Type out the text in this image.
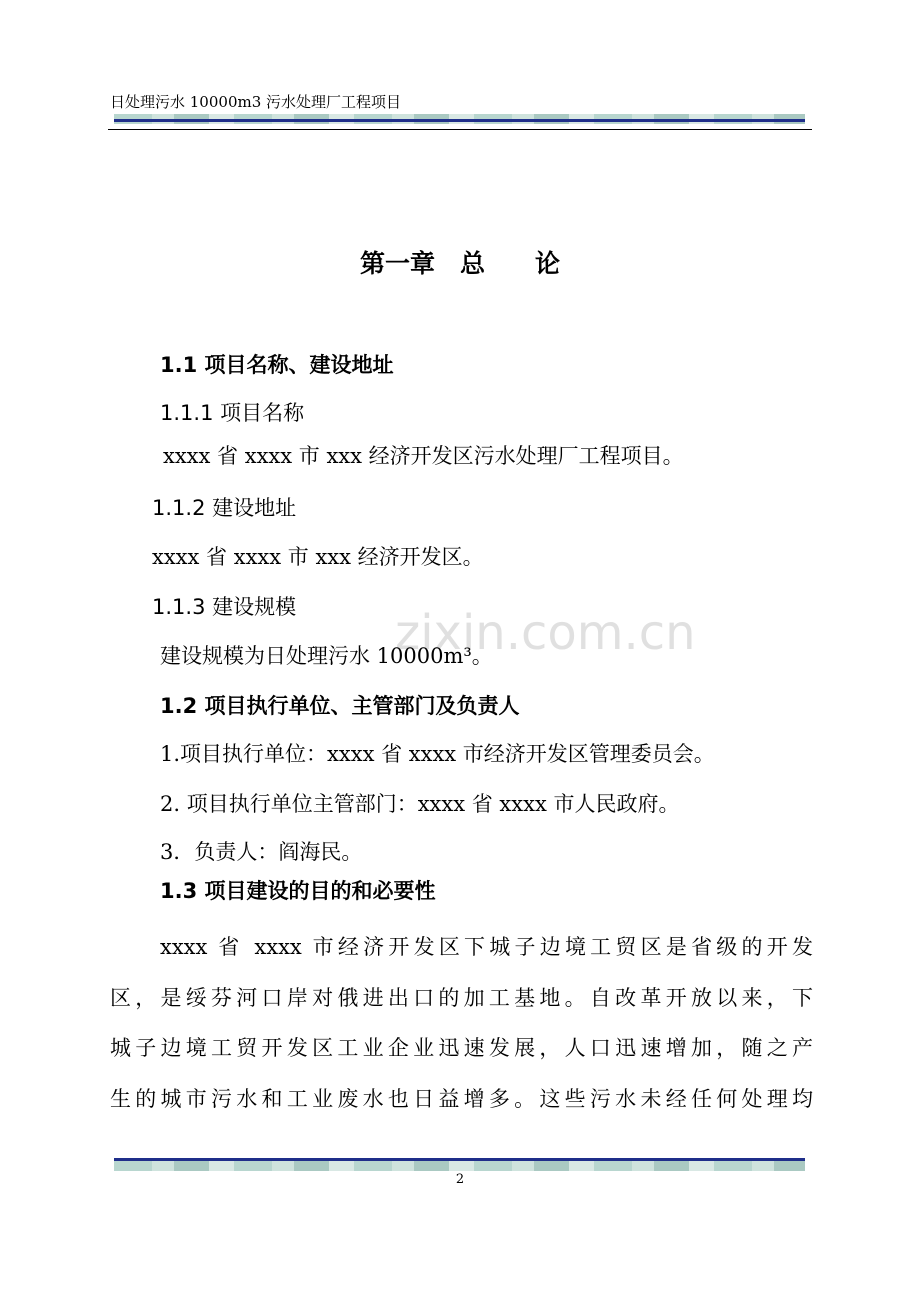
日处理污水 10000m3 污水处理厂工程项目
zixin.com.cn
第一章　总　　论
1.1 项目名称、建设地址
1.1.1 项目名称
xxxx 省 xxxx 市 xxx 经济开发区污水处理厂工程项目。
1.1.2 建设地址
xxxx 省 xxxx 市 xxx 经济开发区。
1.1.3 建设规模
建设规模为日处理污水 10000m³。
1.2 项目执行单位、主管部门及负责人
1.项目执行单位：xxxx 省 xxxx 市经济开发区管理委员会。
2. 项目执行单位主管部门：xxxx 省 xxxx 市人民政府。
3．负责人：阎海民。
1.3 项目建设的目的和必要性
xxxx 省 xxxx 市经济开发区下城子边境工贸区是省级的开发
区，是绥芬河口岸对俄进出口的加工基地。自改革开放以来，下
城子边境工贸开发区工业企业迅速发展，人口迅速增加，随之产
生的城市污水和工业废水也日益增多。这些污水未经任何处理均
2
